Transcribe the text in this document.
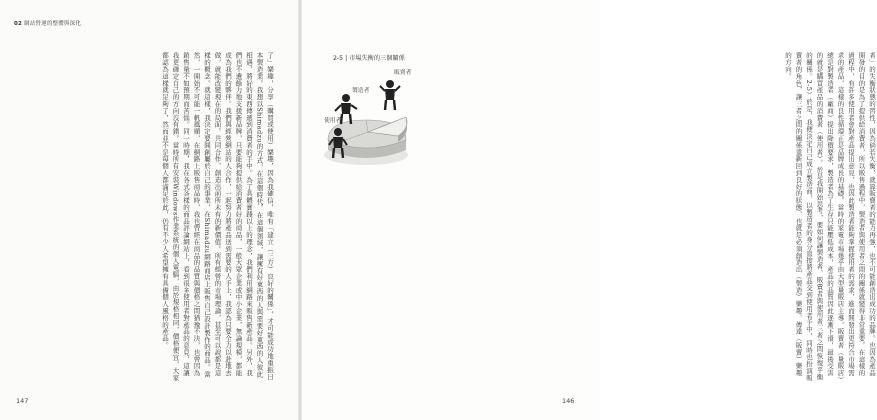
02 網站營運的整體與深化
了」樂趣，分享（購買或使用）樂趣，因為我確信，唯有「建立（三方）良好的關係」，才可能成功地重振日本製造業。我想以Shimadzu的方式，在這個時代、在這個領域，讓擁有好東西的人與需要好東西的人彼此相遇，將好的東西傳遞到消費者的手中。為了具體實踐以上的理念，我們利用網路來販售新產品。另外，我們也不遺餘力地支援新品牌，只要能夠提供給消費者好的商品，一般大眾企業或中小企業，無論規模，都能成為我們的夥伴。我們與經營網站的人合作，一起努力將產品送到需要的人手上，我認為只要全力以赴地去做，就能改變現在的局面。共同合作，創造出前所未有的新價值。所有經營的市場理論，甚至可以說都是這樣的概念。就這樣，我決定要開創屬於自己的事業，在Shimadzu網路商店上販售自己設計製作的商品。當然，一開始不可能一帆風順，在網路上販售商品時，我也曾經在商品的品質與價格之間猶豫不決，也曾因為銷售量不如預期而苦惱。同一時期，我在各式各樣的商品評論網站上，看到很多使用者對產品的意見，這讓我更確定自己的方向沒有錯。當時所有安裝Windows作業系統的個人電腦，由於規格相同，價格便宜，大家都認為這樣就足夠了，然而並不是每個人都滿足於此，仍有不少人希望擁有具備個人風格的產品。
147
者」的失衡狀態的習性，因為倘若失衡，就算販賣者的能力再強，也不可能創造出成功的品牌。也因為產品開發的目的是為了提供給消費者，所以販售過程中，製造者與使用者之間的關係就變得非常重要。在這樣的過程中，有許多使用者會對產品提出意見，也因此製造者能夠掌握使用者的需求，進而開發出更符合市場需求的產品，這樣的良性循環正是品牌成長的基礎。當時的家電市場幾乎由大型量販店主導，販賣者（量販店）總是對製造者（廠商）提出降價要求，製造者為了生存只能壓低成本，產品的品質因此逐漸下滑，最後受害的就是購買產品的消費者（使用者）。於是我開始思考，要如何讓製造者、販賣者與使用者三者之間恢復平衡的關係。2-5）於是，我便決定自己成立製造商，以製造者的身分直接將產品交到使用者手中，同時也扮演販賣者的角色，讓三者之間的關係重新回到良好的狀態，也就是必須創造出（製造）樂趣、傳達（販賣）樂趣的方向。
2-5 | 市場失衡的三個關係
製造者
販賣者
使用者
146
